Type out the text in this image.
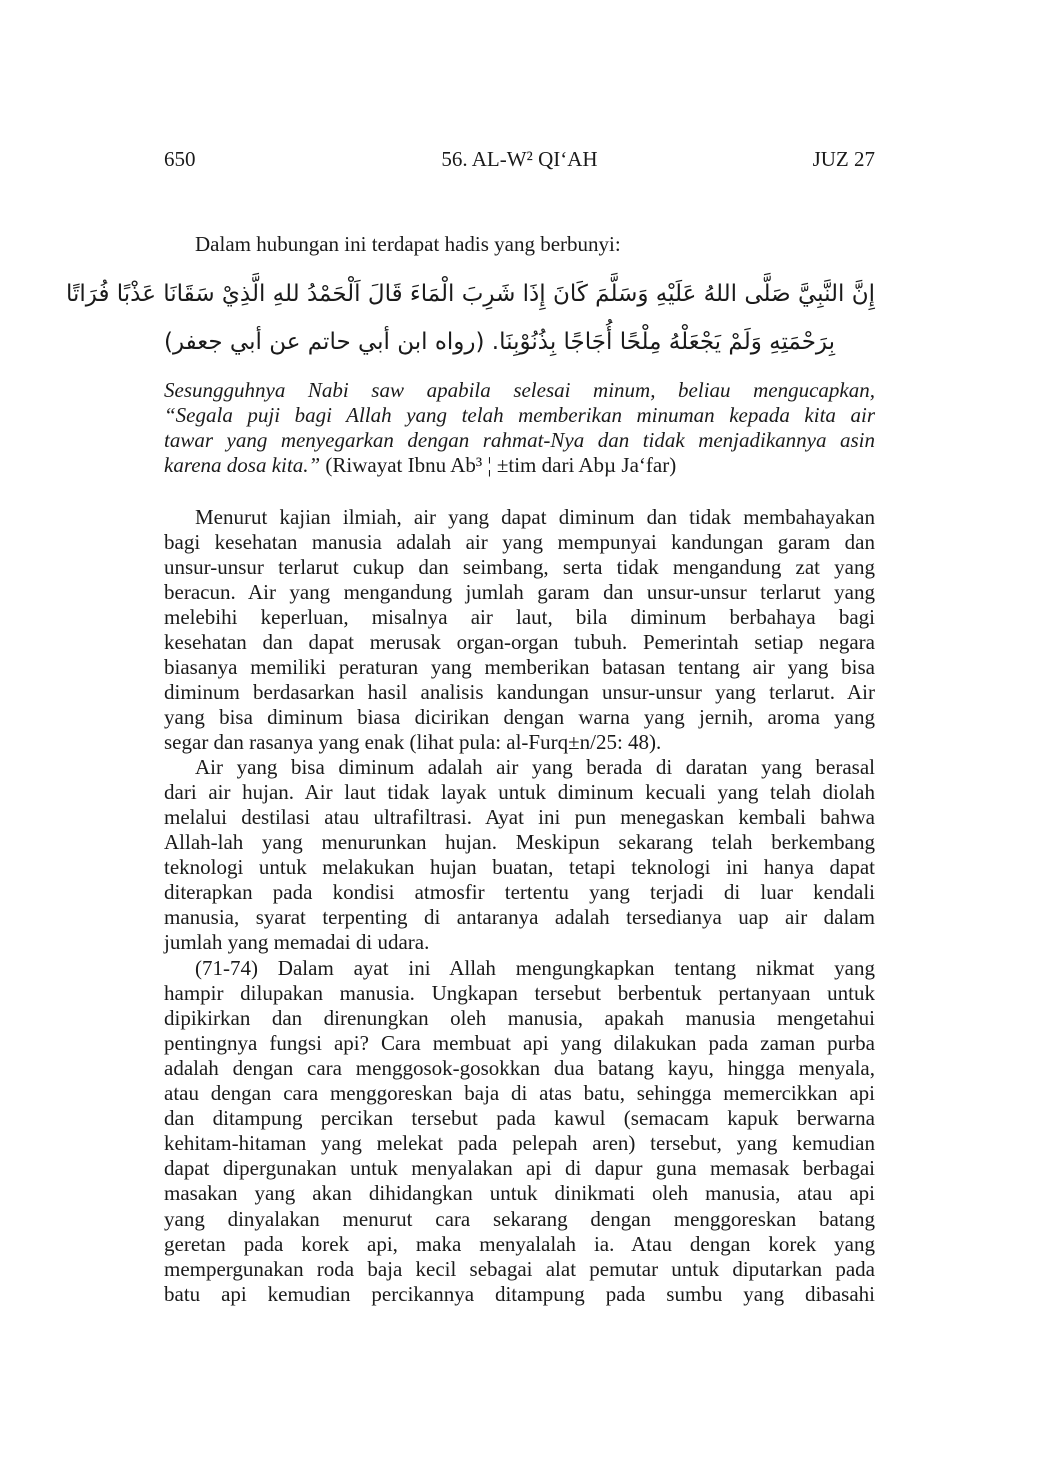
650	56. AL-W² QI‘AH	JUZ 27
Dalam hubungan ini terdapat hadis yang berbunyi:
إِنَّ النَّبِيَّ صَلَّى اللهُ عَلَيْهِ وَسَلَّمَ كَانَ إِذَا شَرِبَ الْمَاءَ قَالَ اَلْحَمْدُ للهِ الَّذِيْ سَقَانَا عَذْبًا فُرَاتًا
بِرَحْمَتِهِ وَلَمْ يَجْعَلْهُ مِلْحًا أُجَاجًا بِذُنُوْبِنَا. (رواه ابن أبي حاتم عن أبي جعفر)
Sesungguhnya Nabi saw apabila selesai minum, beliau mengucapkan,
“Segala puji bagi Allah yang telah memberikan minuman kepada kita air
tawar yang menyegarkan dengan rahmat-Nya dan tidak menjadikannya asin
karena dosa kita.” (Riwayat Ibnu Ab³ ¦ ±tim dari Abµ Ja‘far)
Menurut kajian ilmiah, air yang dapat diminum dan tidak membahayakan
bagi kesehatan manusia adalah air yang mempunyai kandungan garam dan
unsur-unsur terlarut cukup dan seimbang, serta tidak mengandung zat yang
beracun. Air yang mengandung jumlah garam dan unsur-unsur terlarut yang
melebihi keperluan, misalnya air laut, bila diminum berbahaya bagi
kesehatan dan dapat merusak organ-organ tubuh. Pemerintah setiap negara
biasanya memiliki peraturan yang memberikan batasan tentang air yang bisa
diminum berdasarkan hasil analisis kandungan unsur-unsur yang terlarut. Air
yang bisa diminum biasa dicirikan dengan warna yang jernih, aroma yang
segar dan rasanya yang enak (lihat pula: al-Furq±n/25: 48).
Air yang bisa diminum adalah air yang berada di daratan yang berasal
dari air hujan. Air laut tidak layak untuk diminum kecuali yang telah diolah
melalui destilasi atau ultrafiltrasi. Ayat ini pun menegaskan kembali bahwa
Allah-lah yang menurunkan hujan. Meskipun sekarang telah berkembang
teknologi untuk melakukan hujan buatan, tetapi teknologi ini hanya dapat
diterapkan pada kondisi atmosfir tertentu yang terjadi di luar kendali
manusia, syarat terpenting di antaranya adalah tersedianya uap air dalam
jumlah yang memadai di udara.
(71-74) Dalam ayat ini Allah mengungkapkan tentang nikmat yang
hampir dilupakan manusia. Ungkapan tersebut berbentuk pertanyaan untuk
dipikirkan dan direnungkan oleh manusia, apakah manusia mengetahui
pentingnya fungsi api? Cara membuat api yang dilakukan pada zaman purba
adalah dengan cara menggosok-gosokkan dua batang kayu, hingga menyala,
atau dengan cara menggoreskan baja di atas batu, sehingga memercikkan api
dan ditampung percikan tersebut pada kawul (semacam kapuk berwarna
kehitam-hitaman yang melekat pada pelepah aren) tersebut, yang kemudian
dapat dipergunakan untuk menyalakan api di dapur guna memasak berbagai
masakan yang akan dihidangkan untuk dinikmati oleh manusia, atau api
yang dinyalakan menurut cara sekarang dengan menggoreskan batang
geretan pada korek api, maka menyalalah ia. Atau dengan korek yang
mempergunakan roda baja kecil sebagai alat pemutar untuk diputarkan pada
batu api kemudian percikannya ditampung pada sumbu yang dibasahi
